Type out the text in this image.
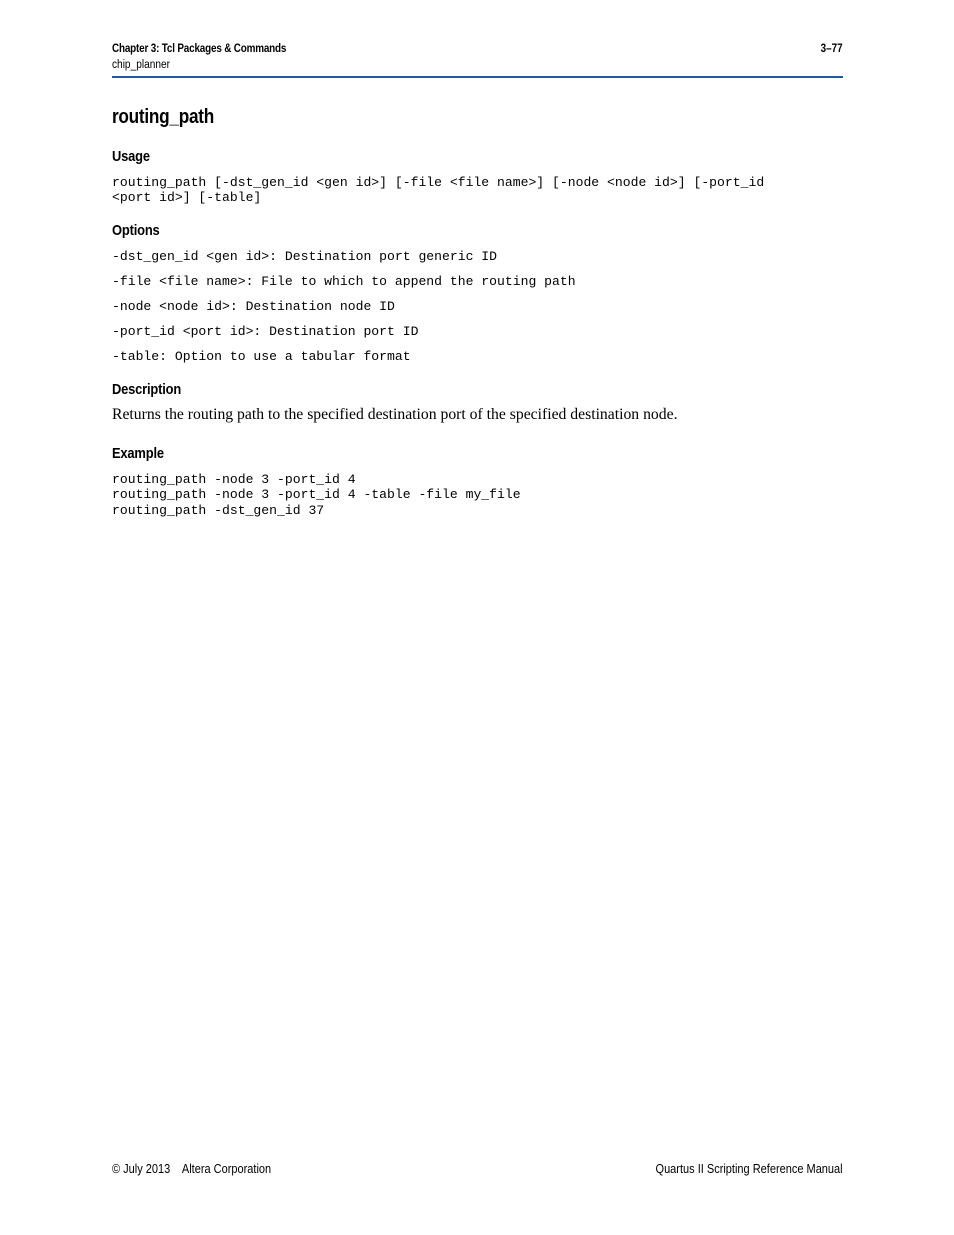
Chapter 3: Tcl Packages & Commands
chip_planner
3–77
routing_path
Usage
routing_path [-dst_gen_id <gen id>] [-file <file name>] [-node <node id>] [-port_id
<port id>] [-table]
Options
-dst_gen_id <gen id>: Destination port generic ID
-file <file name>: File to which to append the routing path
-node <node id>: Destination node ID
-port_id <port id>: Destination port ID
-table: Option to use a tabular format
Description
Returns the routing path to the specified destination port of the specified destination node.
Example
routing_path -node 3 -port_id 4
routing_path -node 3 -port_id 4 -table -file my_file
routing_path -dst_gen_id 37
© July 2013    Altera Corporation	Quartus II Scripting Reference Manual
